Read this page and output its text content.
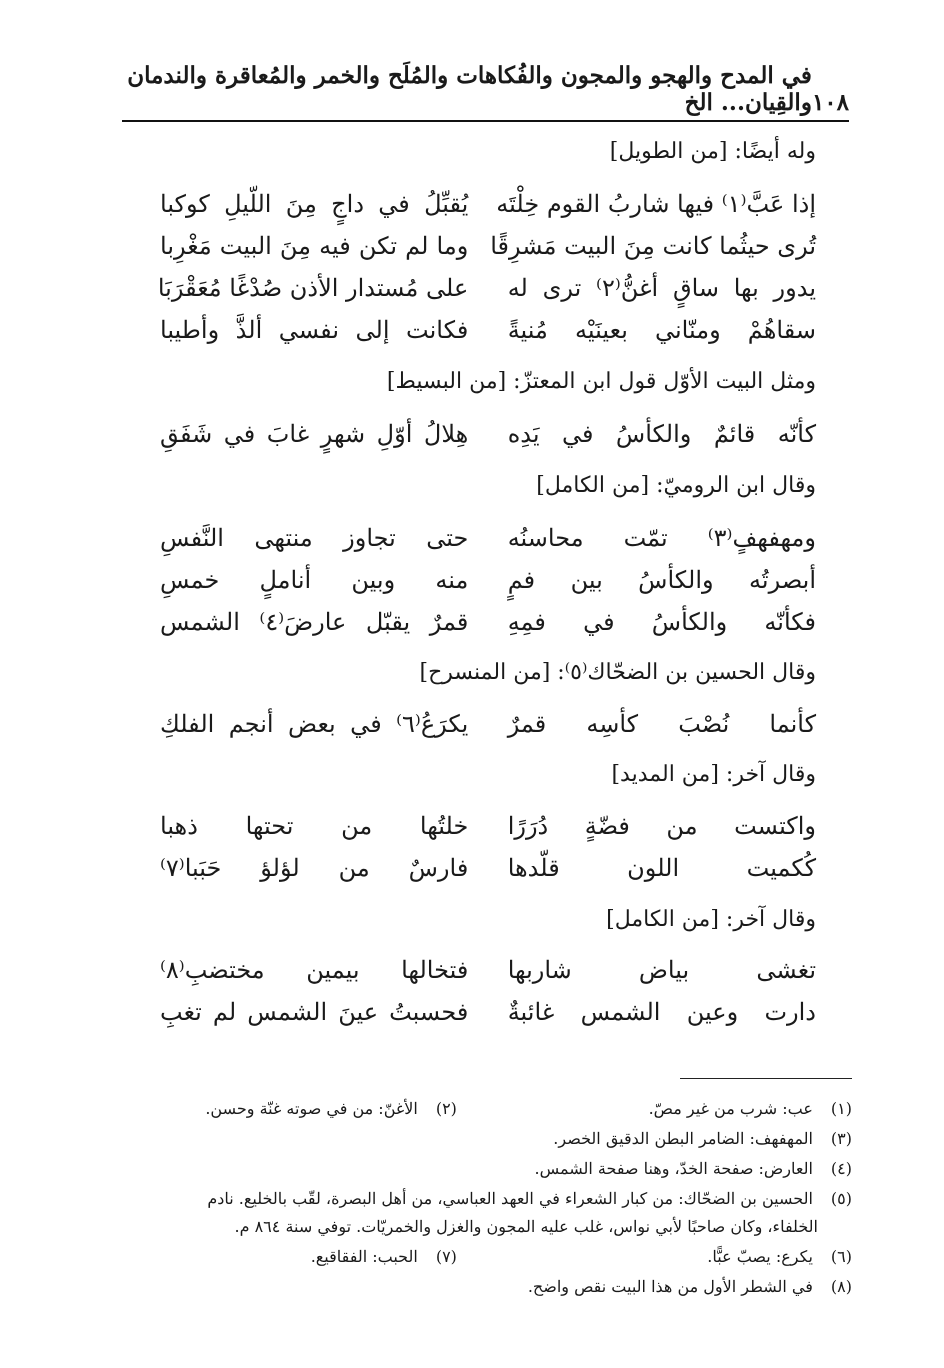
١٠٨
في المدح والهجو والمجون والفُكاهات والمُلَح والخمر والمُعاقرة والندمان والقِيان... الخ
وله أيضًا: [من الطويل]
إذا عَبَّ⁽١⁾ فيها شاربُ القوم خِلْتَه
يُقبِّلُ في داجٍ مِنَ اللّيلِ كوكبا
تُرى حيثُما كانت مِنَ البيت مَشرِقًا
وما لم تكن فيه مِنَ البيت مَغْرِبا
يدور بها ساقٍ أغنُّ⁽٢⁾ ترى له
على مُستدار الأذن صُدْغًا مُعَقْرَبَا
سقاهُمْ ومنّاني بعينَيْه مُنيةً
فكانت إلى نفسي ألذَّ وأطيبا
ومثل البيت الأوّل قول ابن المعتزّ: [من البسيط]
كأنّه قائمٌ والكأسُ في يَدِه
هِلالُ أوّلِ شهرٍ غابَ في شَفَقِ
وقال ابن الروميّ: [من الكامل]
ومهفهفٍ⁽٣⁾ تمّت محاسنُه
حتى تجاوز منتهى النَّفسِ
أبصرتُه والكأسُ بين فمٍ
منه وبين أناملٍ خمسِ
فكأنّه والكأسُ في فمِهِ
قمرٌ يقبّل عارضَ⁽٤⁾ الشمس
وقال الحسين بن الضحّاك⁽٥⁾: [من المنسرح]
كأنما نُصْبَ كأسِه قمرٌ
يكرَعُ⁽٦⁾ في بعض أنجم الفلكِ
وقال آخر: [من المديد]
واكتست من فضّةٍ دُرَرًا
خلتُها من تحتها ذهبا
كُكميت اللون قلّدها
فارسٌ من لؤلؤ حَبَبا⁽٧⁾
وقال آخر: [من الكامل]
تغشى بياض شاربها
فتخالها بيمين مختضبِ⁽٨⁾
دارت وعين الشمس غائبةٌ
فحسبتُ عينَ الشمس لم تغبِ
(١) عب: شرب من غير مصّ. (٢) الأغنّ: من في صوته غنّة وحسن.
(٣) المهفهف: الضامر البطن الدقيق الخصر.
(٤) العارض: صفحة الخدّ، وهنا صفحة الشمس.
(٥) الحسين بن الضحّاك: من كبار الشعراء في العهد العباسي، من أهل البصرة، لقّب بالخليع. نادم
الخلفاء، وكان صاحبًا لأبي نواس، غلب عليه المجون والغزل والخمريّات. توفي سنة ٨٦٤ م.
(٦) يكرع: يصبّ عبًّا. (٧) الحبب: الفقاقيع.
(٨) في الشطر الأول من هذا البيت نقص واضح.
